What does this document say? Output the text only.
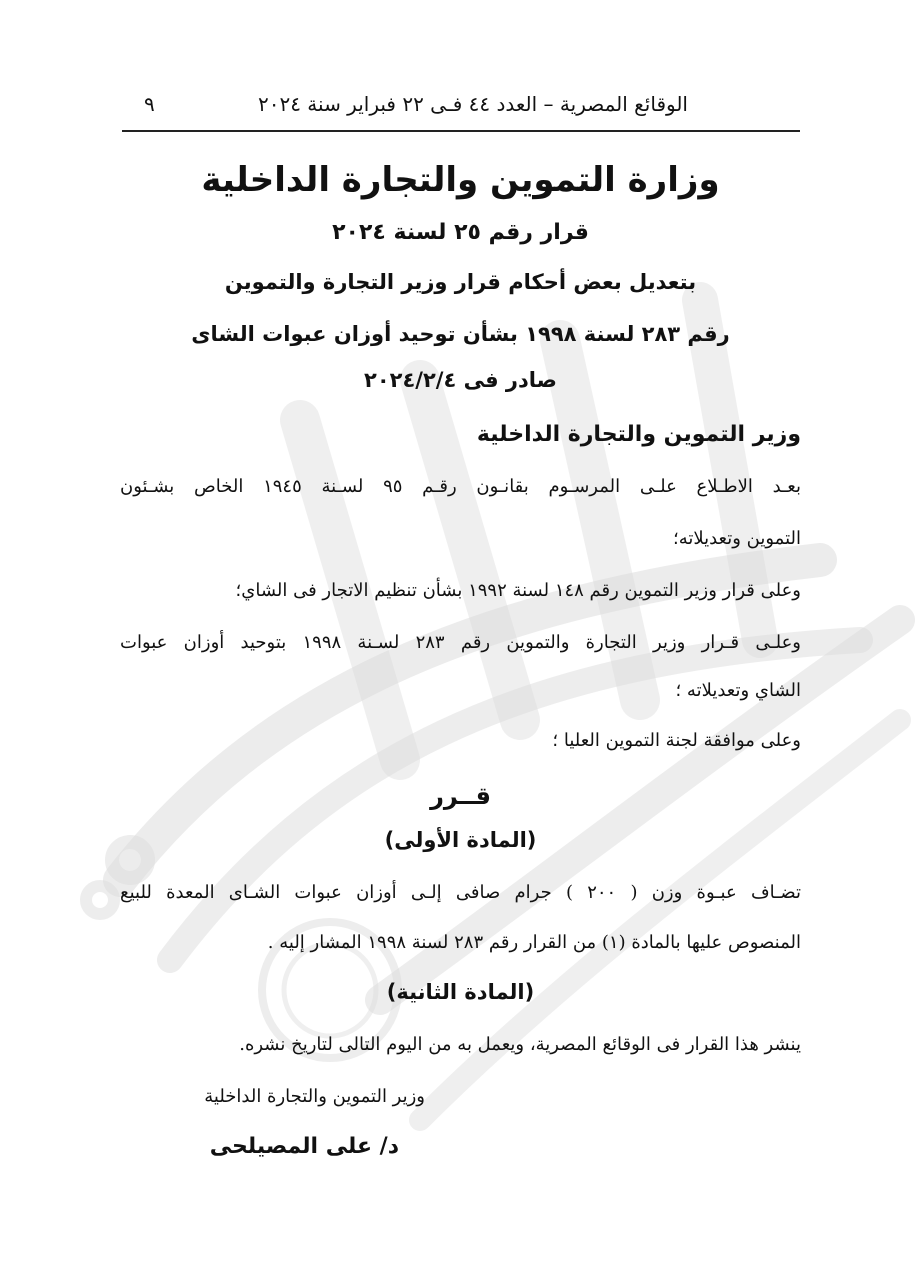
٩	الوقائع المصرية – العدد ٤٤ فـى ٢٢ فبراير سنة ٢٠٢٤
وزارة التموين والتجارة الداخلية
قرار رقم ٢٥ لسنة ٢٠٢٤
بتعديل بعض أحكام قرار وزير التجارة والتموين
رقم ٢٨٣ لسنة ١٩٩٨ بشأن توحيد أوزان عبوات الشاى
صادر فى ٢٠٢٤/٢/٤
وزير التموين والتجارة الداخلية
بعـد الاطـلاع علـى المرسـوم بقانـون رقـم ٩٥ لسـنة ١٩٤٥ الخاص بشـئون
التموين وتعديلاته؛
وعلى قرار وزير التموين رقم ١٤٨ لسنة ١٩٩٢ بشأن تنظيم الاتجار فى الشاي؛
وعلـى قـرار وزير التجارة والتموين رقم ٢٨٣ لسـنة ١٩٩٨ بتوحيد أوزان عبوات
الشاي وتعديلاته ؛
وعلى موافقة لجنة التموين العليا ؛
قــرر
(المادة الأولى)
تضـاف عبـوة وزن ( ٢٠٠ ) جرام صافى إلـى أوزان عبوات الشـاى المعدة للبيع
المنصوص عليها بالمادة (١) من القرار رقم ٢٨٣ لسنة ١٩٩٨ المشار إليه .
(المادة الثانية)
ينشر هذا القرار فى الوقائع المصرية، ويعمل به من اليوم التالى لتاريخ نشره.
وزير التموين والتجارة الداخلية
د/ على المصيلحى
